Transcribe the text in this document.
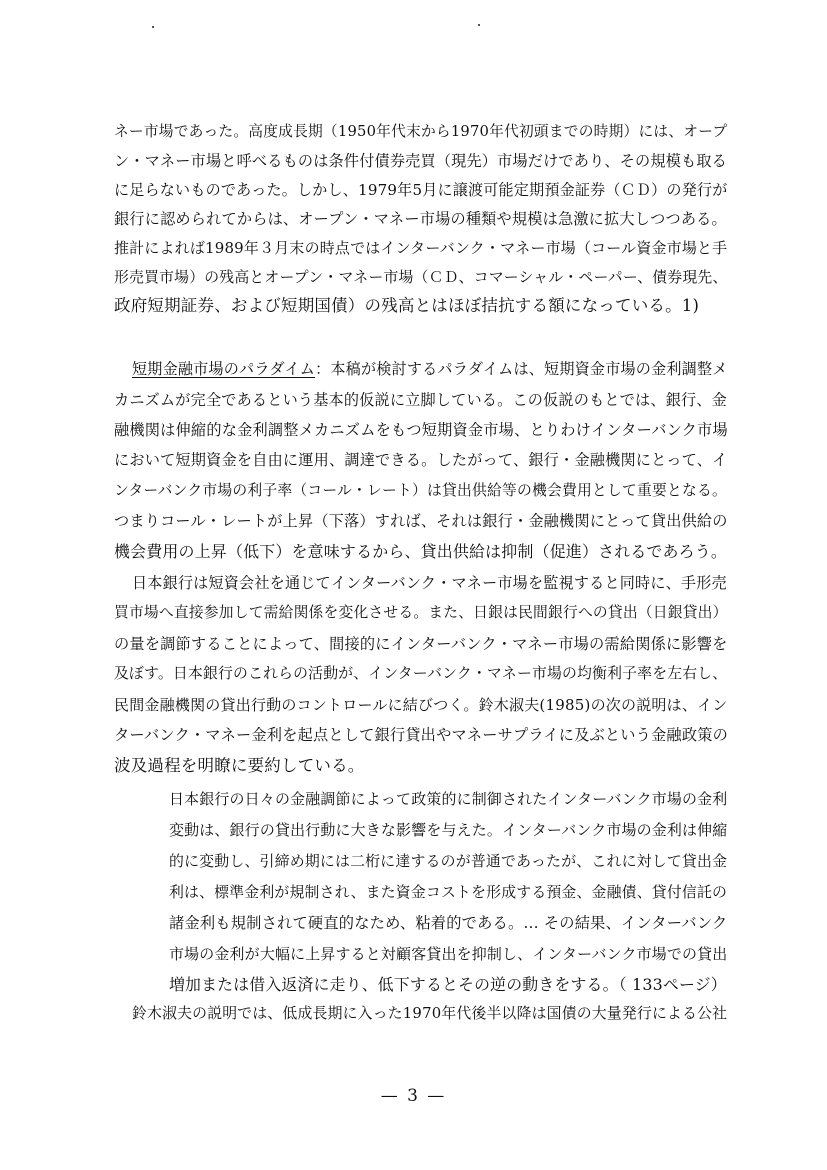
ネー市場であった。高度成長期（1950年代末から1970年代初頭までの時期）には、オープ
ン・マネー市場と呼べるものは条件付債券売買（現先）市場だけであり、その規模も取る
に足らないものであった。しかし、1979年5月に譲渡可能定期預金証券（ＣＤ）の発行が
銀行に認められてからは、オープン・マネー市場の種類や規模は急激に拡大しつつある。
推計によれば1989年３月末の時点ではインターバンク・マネー市場（コール資金市場と手
形売買市場）の残高とオープン・マネー市場（ＣＤ、コマーシャル・ペーパー、債券現先、
政府短期証券、および短期国債）の残高とはほぼ拮抗する額になっている。1)
短期金融市場のパラダイム：本稿が検討するパラダイムは、短期資金市場の金利調整メ
カニズムが完全であるという基本的仮説に立脚している。この仮説のもとでは、銀行、金
融機関は伸縮的な金利調整メカニズムをもつ短期資金市場、とりわけインターバンク市場
において短期資金を自由に運用、調達できる。したがって、銀行・金融機関にとって、イ
ンターバンク市場の利子率（コール・レート）は貸出供給等の機会費用として重要となる。
つまりコール・レートが上昇（下落）すれば、それは銀行・金融機関にとって貸出供給の
機会費用の上昇（低下）を意味するから、貸出供給は抑制（促進）されるであろう。
日本銀行は短資会社を通じてインターバンク・マネー市場を監視すると同時に、手形売
買市場へ直接参加して需給関係を変化させる。また、日銀は民間銀行への貸出（日銀貸出）
の量を調節することによって、間接的にインターバンク・マネー市場の需給関係に影響を
及ぼす。日本銀行のこれらの活動が、インターバンク・マネー市場の均衡利子率を左右し、
民間金融機関の貸出行動のコントロールに結びつく。鈴木淑夫(1985)の次の説明は、イン
ターバンク・マネー金利を起点として銀行貸出やマネーサプライに及ぶという金融政策の
波及過程を明瞭に要約している。
日本銀行の日々の金融調節によって政策的に制御されたインターバンク市場の金利
変動は、銀行の貸出行動に大きな影響を与えた。インターバンク市場の金利は伸縮
的に変動し、引締め期には二桁に達するのが普通であったが、これに対して貸出金
利は、標準金利が規制され、また資金コストを形成する預金、金融債、貸付信託の
諸金利も規制されて硬直的なため、粘着的である。… その結果、インターバンク
市場の金利が大幅に上昇すると対顧客貸出を抑制し、インターバンク市場での貸出
増加または借入返済に走り、低下するとその逆の動きをする。（ 133ページ）
鈴木淑夫の説明では、低成長期に入った1970年代後半以降は国債の大量発行による公社
— 3 —
